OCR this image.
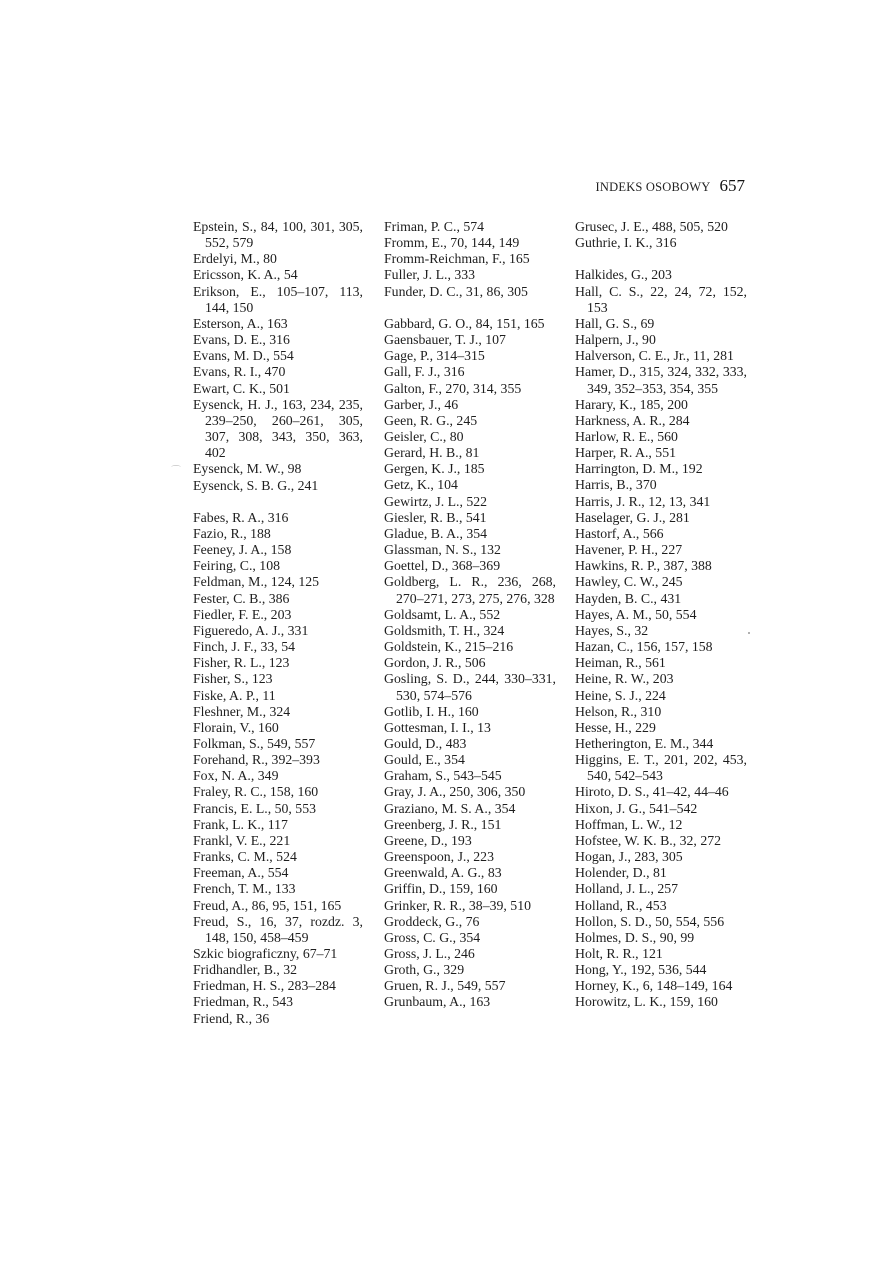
INDEKS OSOBOWY 657
Epstein, S., 84, 100, 301, 305, 552, 579
Erdelyi, M., 80
Ericsson, K. A., 54
Erikson, E., 105–107, 113, 144, 150
Esterson, A., 163
Evans, D. E., 316
Evans, M. D., 554
Evans, R. I., 470
Ewart, C. K., 501
Eysenck, H. J., 163, 234, 235, 239–250, 260–261, 305, 307, 308, 343, 350, 363, 402
Eysenck, M. W., 98
Eysenck, S. B. G., 241
Fabes, R. A., 316
Fazio, R., 188
Feeney, J. A., 158
Feiring, C., 108
Feldman, M., 124, 125
Fester, C. B., 386
Fiedler, F. E., 203
Figueredo, A. J., 331
Finch, J. F., 33, 54
Fisher, R. L., 123
Fisher, S., 123
Fiske, A. P., 11
Fleshner, M., 324
Florain, V., 160
Folkman, S., 549, 557
Forehand, R., 392–393
Fox, N. A., 349
Fraley, R. C., 158, 160
Francis, E. L., 50, 553
Frank, L. K., 117
Frankl, V. E., 221
Franks, C. M., 524
Freeman, A., 554
French, T. M., 133
Freud, A., 86, 95, 151, 165
Freud, S., 16, 37, rozdz. 3, 148, 150, 458–459
Szkic biograficzny, 67–71
Fridhandler, B., 32
Friedman, H. S., 283–284
Friedman, R., 543
Friend, R., 36
Friman, P. C., 574
Fromm, E., 70, 144, 149
Fromm-Reichman, F., 165
Fuller, J. L., 333
Funder, D. C., 31, 86, 305
Gabbard, G. O., 84, 151, 165
Gaensbauer, T. J., 107
Gage, P., 314–315
Gall, F. J., 316
Galton, F., 270, 314, 355
Garber, J., 46
Geen, R. G., 245
Geisler, C., 80
Gerard, H. B., 81
Gergen, K. J., 185
Getz, K., 104
Gewirtz, J. L., 522
Giesler, R. B., 541
Gladue, B. A., 354
Glassman, N. S., 132
Goettel, D., 368–369
Goldberg, L. R., 236, 268, 270–271, 273, 275, 276, 328
Goldsamt, L. A., 552
Goldsmith, T. H., 324
Goldstein, K., 215–216
Gordon, J. R., 506
Gosling, S. D., 244, 330–331, 530, 574–576
Gotlib, I. H., 160
Gottesman, I. I., 13
Gould, D., 483
Gould, E., 354
Graham, S., 543–545
Gray, J. A., 250, 306, 350
Graziano, M. S. A., 354
Greenberg, J. R., 151
Greene, D., 193
Greenspoon, J., 223
Greenwald, A. G., 83
Griffin, D., 159, 160
Grinker, R. R., 38–39, 510
Groddeck, G., 76
Gross, C. G., 354
Gross, J. L., 246
Groth, G., 329
Gruen, R. J., 549, 557
Grunbaum, A., 163
Grusec, J. E., 488, 505, 520
Guthrie, I. K., 316
Halkides, G., 203
Hall, C. S., 22, 24, 72, 152, 153
Hall, G. S., 69
Halpern, J., 90
Halverson, C. E., Jr., 11, 281
Hamer, D., 315, 324, 332, 333, 349, 352–353, 354, 355
Harary, K., 185, 200
Harkness, A. R., 284
Harlow, R. E., 560
Harper, R. A., 551
Harrington, D. M., 192
Harris, B., 370
Harris, J. R., 12, 13, 341
Haselager, G. J., 281
Hastorf, A., 566
Havener, P. H., 227
Hawkins, R. P., 387, 388
Hawley, C. W., 245
Hayden, B. C., 431
Hayes, A. M., 50, 554
Hayes, S., 32
Hazan, C., 156, 157, 158
Heiman, R., 561
Heine, R. W., 203
Heine, S. J., 224
Helson, R., 310
Hesse, H., 229
Hetherington, E. M., 344
Higgins, E. T., 201, 202, 453, 540, 542–543
Hiroto, D. S., 41–42, 44–46
Hixon, J. G., 541–542
Hoffman, L. W., 12
Hofstee, W. K. B., 32, 272
Hogan, J., 283, 305
Holender, D., 81
Holland, J. L., 257
Holland, R., 453
Hollon, S. D., 50, 554, 556
Holmes, D. S., 90, 99
Holt, R. R., 121
Hong, Y., 192, 536, 544
Horney, K., 6, 148–149, 164
Horowitz, L. K., 159, 160
⌒
